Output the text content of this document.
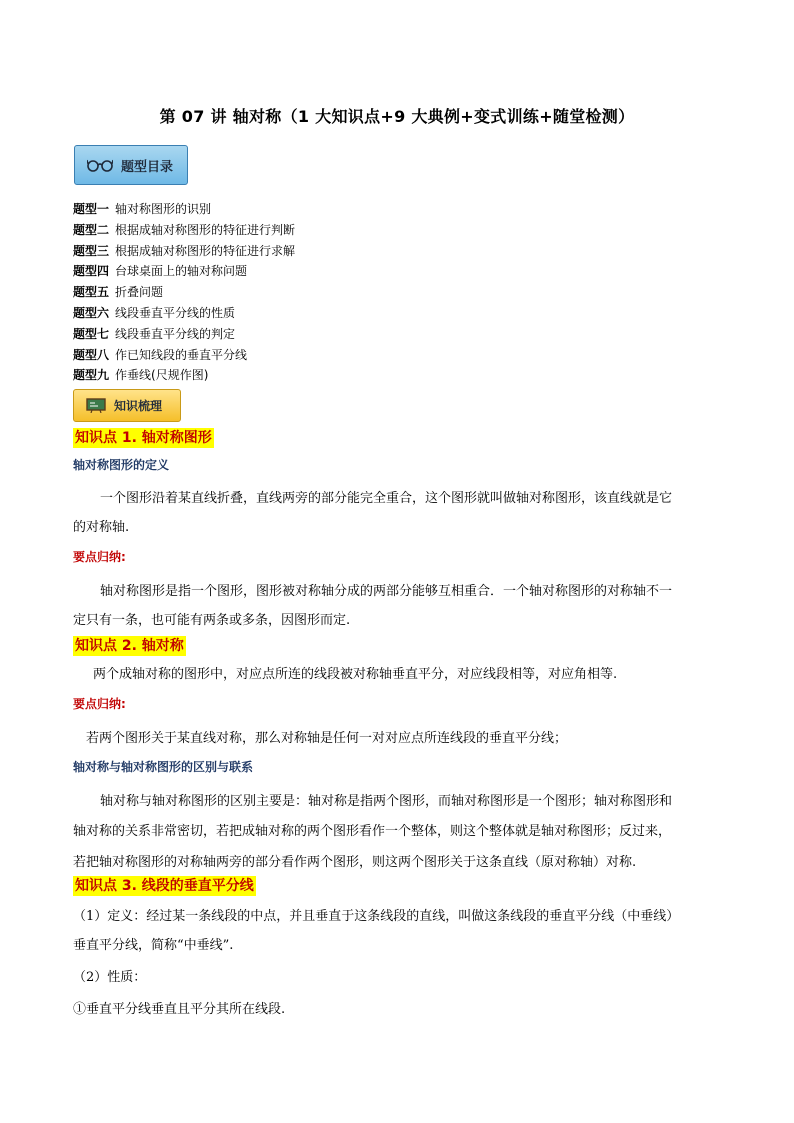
第 07 讲 轴对称（1 大知识点+9 大典例+变式训练+随堂检测）
题型目录
题型一 轴对称图形的识别
题型二 根据成轴对称图形的特征进行判断
题型三 根据成轴对称图形的特征进行求解
题型四 台球桌面上的轴对称问题
题型五 折叠问题
题型六 线段垂直平分线的性质
题型七 线段垂直平分线的判定
题型八 作已知线段的垂直平分线
题型九 作垂线(尺规作图)
知识梳理
知识点 1. 轴对称图形
轴对称图形的定义
一个图形沿着某直线折叠，直线两旁的部分能完全重合，这个图形就叫做轴对称图形，该直线就是它
的对称轴.
要点归纳:
轴对称图形是指一个图形，图形被对称轴分成的两部分能够互相重合．一个轴对称图形的对称轴不一
定只有一条，也可能有两条或多条，因图形而定.
知识点 2. 轴对称
两个成轴对称的图形中，对应点所连的线段被对称轴垂直平分，对应线段相等，对应角相等.
要点归纳:
若两个图形关于某直线对称，那么对称轴是任何一对对应点所连线段的垂直平分线；
轴对称与轴对称图形的区别与联系
轴对称与轴对称图形的区别主要是：轴对称是指两个图形，而轴对称图形是一个图形；轴对称图形和
轴对称的关系非常密切，若把成轴对称的两个图形看作一个整体，则这个整体就是轴对称图形；反过来，
若把轴对称图形的对称轴两旁的部分看作两个图形，则这两个图形关于这条直线（原对称轴）对称.
知识点 3. 线段的垂直平分线
（1）定义：经过某一条线段的中点，并且垂直于这条线段的直线，叫做这条线段的垂直平分线（中垂线）
垂直平分线，简称“中垂线”.
（2）性质：
①垂直平分线垂直且平分其所在线段.
